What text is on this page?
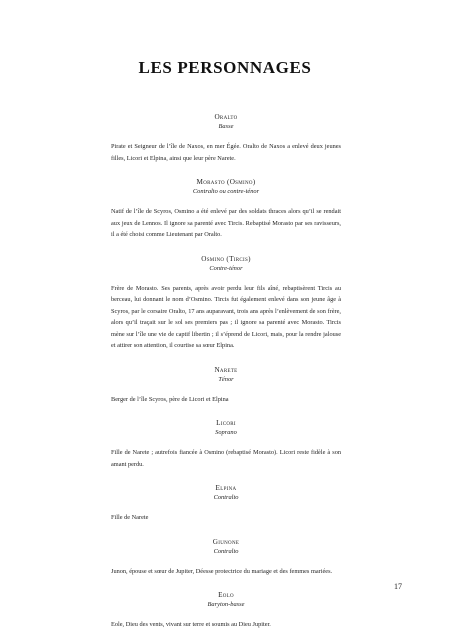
LES PERSONNAGES
Oralto
Basse
Pirate et Seigneur de l’île de Naxos, en mer Égée. Oralto de Naxos a enlevé deux jeunes filles, Licori et Elpina, ainsi que leur père Narete.
Morasto (Osmino)
Contralto ou contre-ténor
Natif de l’île de Scyros, Osmino a été enlevé par des soldats thraces alors qu’il se rendait aux jeux de Lennos. Il ignore sa parenté avec Tircis. Rebaptisé Morasto par ses ravisseurs, il a été choisi comme Lieutenant par Oralto.
Osmino (Tircis)
Contre-ténor
Frère de Morasto. Ses parents, après avoir perdu leur fils aîné, rebaptisèrent Tircis au berceau, lui donnant le nom d’Osmino. Tircis fut également enlevé dans son jeune âge à Scyros, par le corsaire Oralto, 17 ans auparavant, trois ans après l’enlèvement de son frère, alors qu’il traçait sur le sol ses premiers pas ; il ignore sa parenté avec Morasto. Tircis mène sur l’île une vie de captif libertin ; il s’éprend de Licori, mais, pour la rendre jalouse et attirer son attention, il courtise sa sœur Elpina.
Narete
Ténor
Berger de l’île Scyros, père de Licori et Elpina
Licori
Soprano
Fille de Narete ; autrefois fiancée à Osmino (rebaptisé Morasto). Licori reste fidèle à son amant perdu.
Elpina
Contralto
Fille de Narete
Giunone
Contralto
Junon, épouse et sœur de Jupiter, Déesse protectrice du mariage et des femmes mariées.
Eolo
Baryton-basse
Eole, Dieu des vents, vivant sur terre et soumis au Dieu Jupiter.
17
